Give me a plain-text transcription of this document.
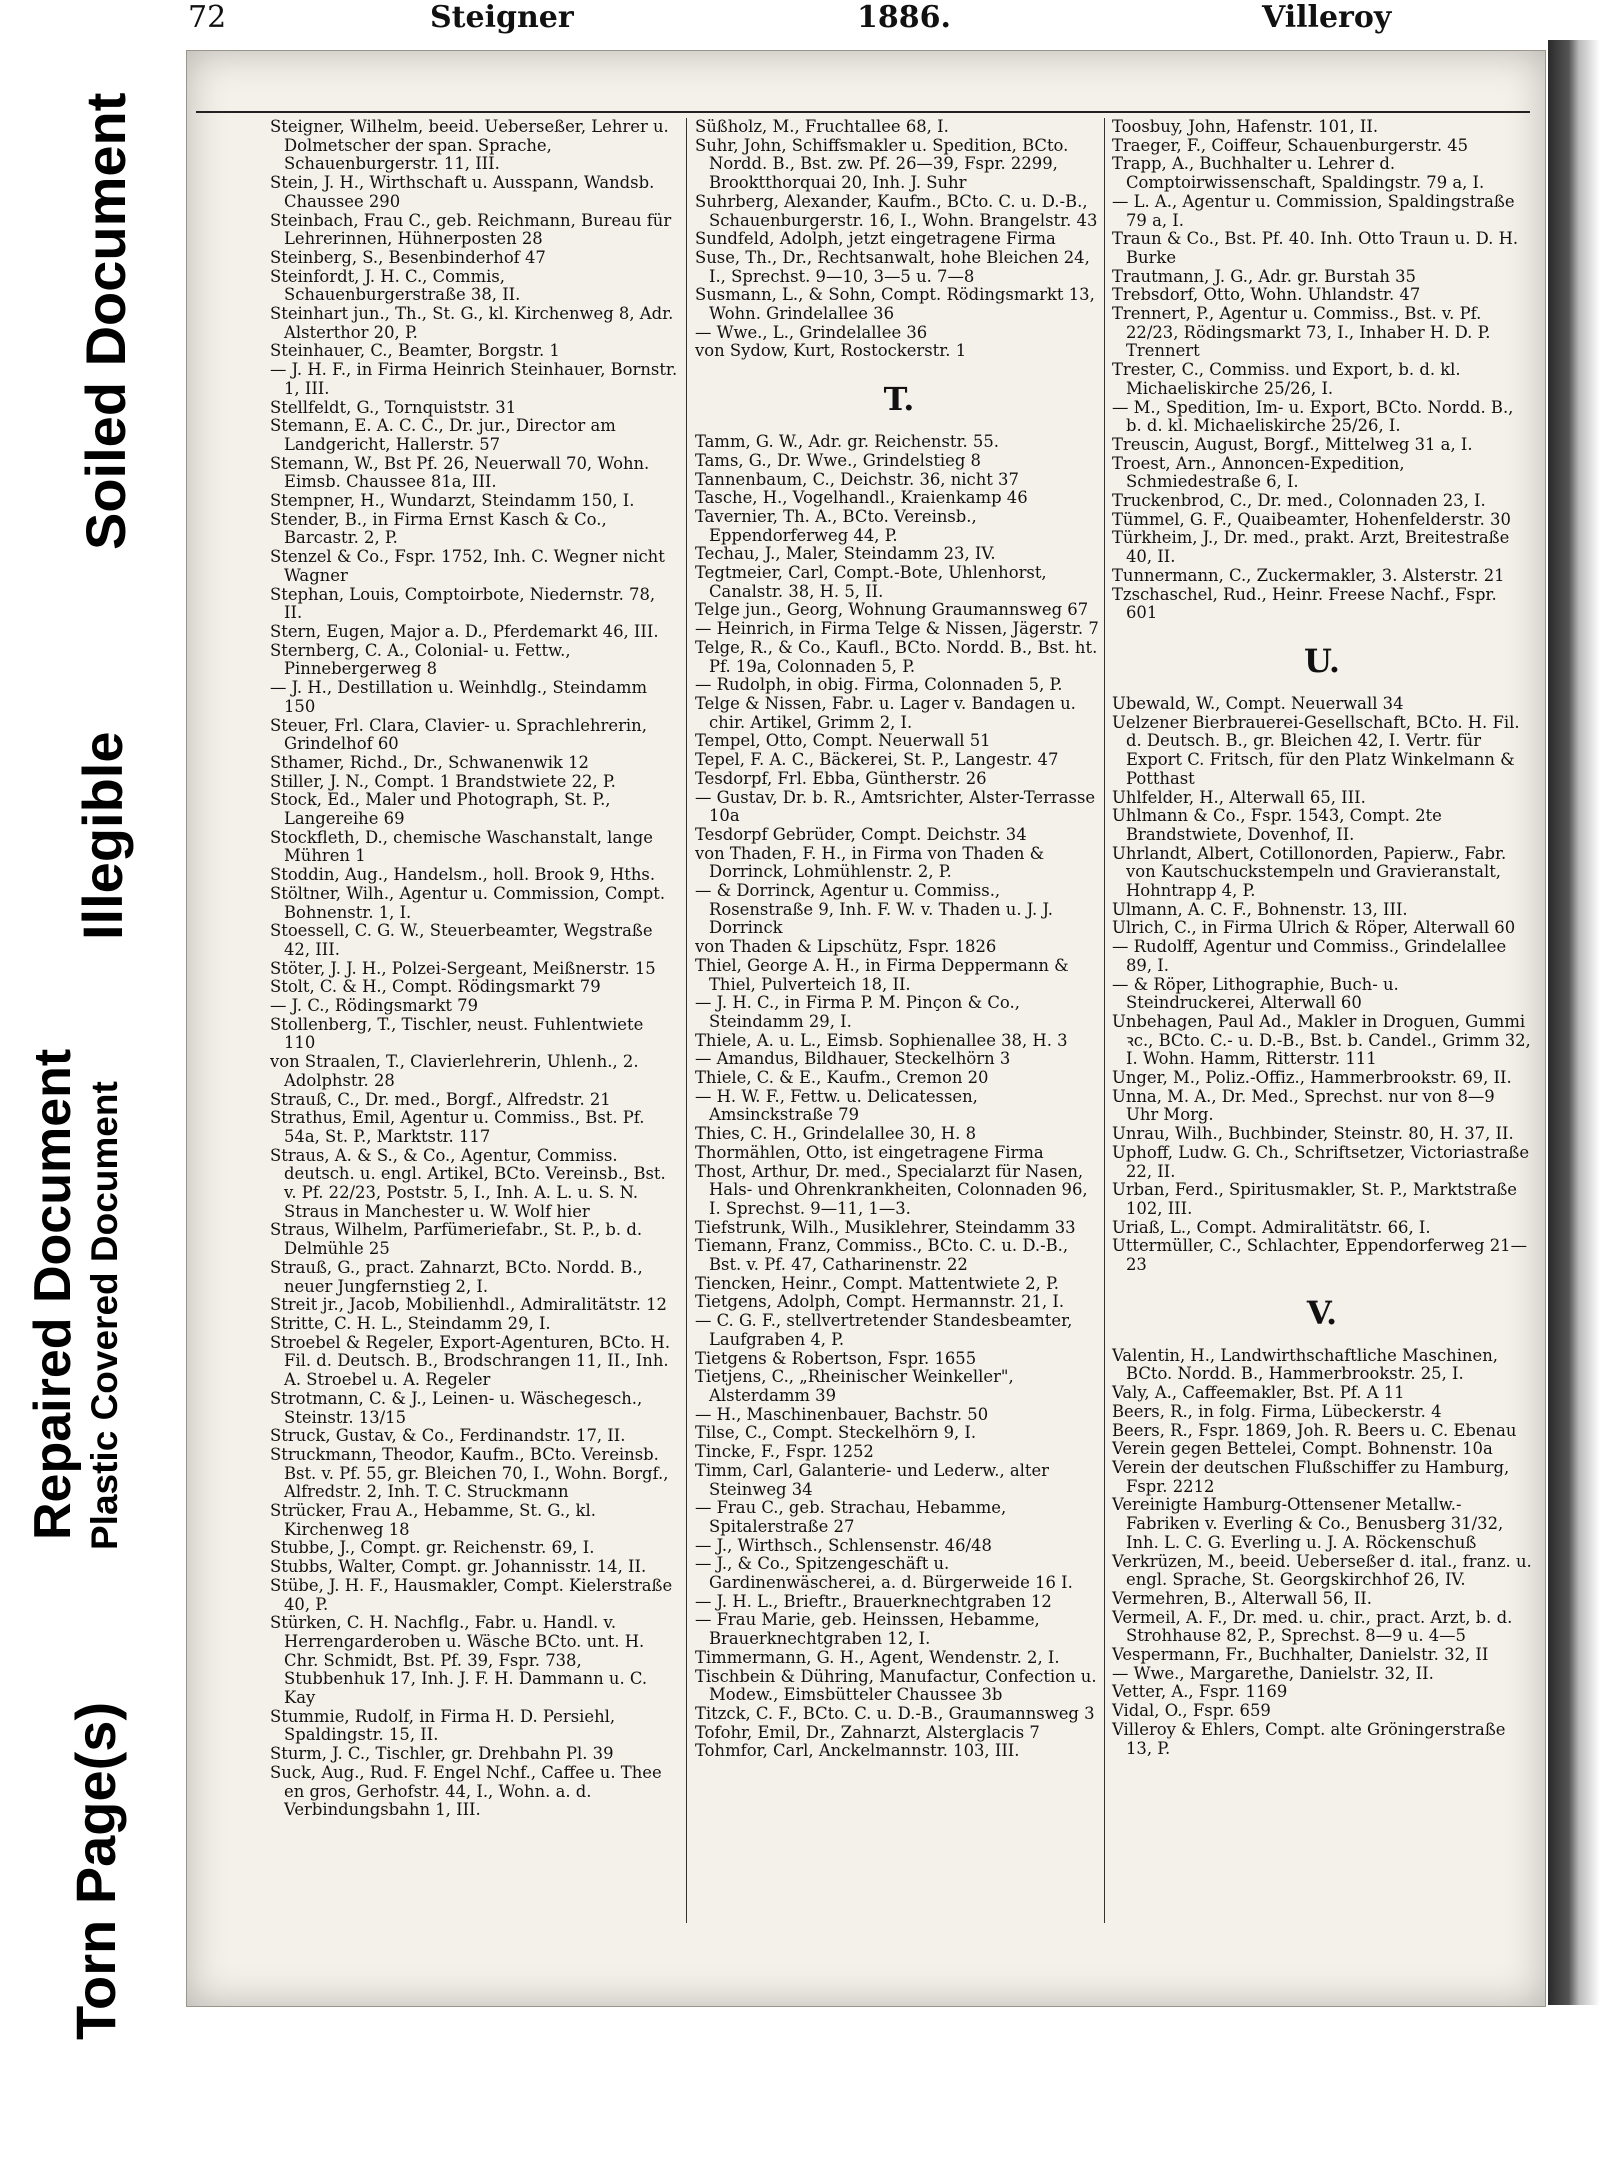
72	Steigner	1886.	Villeroy
Steigner, Wilhelm, beeid. Ueberseßer, Lehrer u. Dolmetscher der span. Sprache, Schauenburgerstr. 11, III.
Stein, J. H., Wirthschaft u. Ausspann, Wandsb. Chaussee 290
Steinbach, Frau C., geb. Reichmann, Bureau für Lehrerinnen, Hühnerposten 28
Steinberg, S., Besenbinderhof 47
Steinfordt, J. H. C., Commis, Schauenburgerstraße 38, II.
Steinhart jun., Th., St. G., kl. Kirchenweg 8, Adr. Alsterthor 20, P.
Steinhauer, C., Beamter, Borgstr. 1
— J. H. F., in Firma Heinrich Steinhauer, Bornstr. 1, III.
Stellfeldt, G., Tornquiststr. 31
Stemann, E. A. C. C., Dr. jur., Director am Landgericht, Hallerstr. 57
Stemann, W., Bst Pf. 26, Neuerwall 70, Wohn. Eimsb. Chaussee 81a, III.
Stempner, H., Wundarzt, Steindamm 150, I.
Stender, B., in Firma Ernst Kasch & Co., Barcastr. 2, P.
Stenzel & Co., Fspr. 1752, Inh. C. Wegner nicht Wagner
Stephan, Louis, Comptoirbote, Niedernstr. 78, II.
Stern, Eugen, Major a. D., Pferdemarkt 46, III.
Sternberg, C. A., Colonial- u. Fettw., Pinnebergerweg 8
— J. H., Destillation u. Weinhdlg., Steindamm 150
Steuer, Frl. Clara, Clavier- u. Sprachlehrerin, Grindelhof 60
Sthamer, Richd., Dr., Schwanenwik 12
Stiller, J. N., Compt. 1 Brandstwiete 22, P.
Stock, Ed., Maler und Photograph, St. P., Langereihe 69
Stockfleth, D., chemische Waschanstalt, lange Mühren 1
Stoddin, Aug., Handelsm., holl. Brook 9, Hths.
Stöltner, Wilh., Agentur u. Commission, Compt. Bohnenstr. 1, I.
Stoessell, C. G. W., Steuerbeamter, Wegstraße 42, III.
Stöter, J. J. H., Polzei-Sergeant, Meißnerstr. 15
Stolt, C. & H., Compt. Rödingsmarkt 79
— J. C., Rödingsmarkt 79
Stollenberg, T., Tischler, neust. Fuhlentwiete 110
von Straalen, T., Clavierlehrerin, Uhlenh., 2. Adolphstr. 28
Strauß, C., Dr. med., Borgf., Alfredstr. 21
Strathus, Emil, Agentur u. Commiss., Bst. Pf. 54a, St. P., Marktstr. 117
Straus, A. & S., & Co., Agentur, Commiss. deutsch. u. engl. Artikel, BCto. Vereinsb., Bst. v. Pf. 22/23, Poststr. 5, I., Inh. A. L. u. S. N. Straus in Manchester u. W. Wolf hier
Straus, Wilhelm, Parfümeriefabr., St. P., b. d. Delmühle 25
Strauß, G., pract. Zahnarzt, BCto. Nordd. B., neuer Jungfernstieg 2, I.
Streit jr., Jacob, Mobilienhdl., Admiralitätstr. 12
Stritte, C. H. L., Steindamm 29, I.
Stroebel & Regeler, Export-Agenturen, BCto. H. Fil. d. Deutsch. B., Brodschrangen 11, II., Inh. A. Stroebel u. A. Regeler
Strotmann, C. & J., Leinen- u. Wäschegesch., Steinstr. 13/15
Struck, Gustav, & Co., Ferdinandstr. 17, II.
Struckmann, Theodor, Kaufm., BCto. Vereinsb. Bst. v. Pf. 55, gr. Bleichen 70, I., Wohn. Borgf., Alfredstr. 2, Inh. T. C. Struckmann
Strücker, Frau A., Hebamme, St. G., kl. Kirchenweg 18
Stubbe, J., Compt. gr. Reichenstr. 69, I.
Stubbs, Walter, Compt. gr. Johannisstr. 14, II.
Stübe, J. H. F., Hausmakler, Compt. Kielerstraße 40, P.
Stürken, C. H. Nachflg., Fabr. u. Handl. v. Herrengarderoben u. Wäsche BCto. unt. H. Chr. Schmidt, Bst. Pf. 39, Fspr. 738, Stubbenhuk 17, Inh. J. F. H. Dammann u. C. Kay
Stummie, Rudolf, in Firma H. D. Persiehl, Spaldingstr. 15, II.
Sturm, J. C., Tischler, gr. Drehbahn Pl. 39
Suck, Aug., Rud. F. Engel Nchf., Caffee u. Thee en gros, Gerhofstr. 44, I., Wohn. a. d. Verbindungsbahn 1, III.
Süßholz, M., Fruchtallee 68, I.
Suhr, John, Schiffsmakler u. Spedition, BCto. Nordd. B., Bst. zw. Pf. 26—39, Fspr. 2299, Brooktthorquai 20, Inh. J. Suhr
Suhrberg, Alexander, Kaufm., BCto. C. u. D.-B., Schauenburgerstr. 16, I., Wohn. Brangelstr. 43
Sundfeld, Adolph, jetzt eingetragene Firma
Suse, Th., Dr., Rechtsanwalt, hohe Bleichen 24, I., Sprechst. 9—10, 3—5 u. 7—8
Susmann, L., & Sohn, Compt. Rödingsmarkt 13, Wohn. Grindelallee 36
— Wwe., L., Grindelallee 36
von Sydow, Kurt, Rostockerstr. 1
T.
Tamm, G. W., Adr. gr. Reichenstr. 55.
Tams, G., Dr. Wwe., Grindelstieg 8
Tannenbaum, C., Deichstr. 36, nicht 37
Tasche, H., Vogelhandl., Kraienkamp 46
Tavernier, Th. A., BCto. Vereinsb., Eppendorferweg 44, P.
Techau, J., Maler, Steindamm 23, IV.
Tegtmeier, Carl, Compt.-Bote, Uhlenhorst, Canalstr. 38, H. 5, II.
Telge jun., Georg, Wohnung Graumannsweg 67
— Heinrich, in Firma Telge & Nissen, Jägerstr. 7
Telge, R., & Co., Kaufl., BCto. Nordd. B., Bst. ht. Pf. 19a, Colonnaden 5, P.
— Rudolph, in obig. Firma, Colonnaden 5, P.
Telge & Nissen, Fabr. u. Lager v. Bandagen u. chir. Artikel, Grimm 2, I.
Tempel, Otto, Compt. Neuerwall 51
Tepel, F. A. C., Bäckerei, St. P., Langestr. 47
Tesdorpf, Frl. Ebba, Güntherstr. 26
— Gustav, Dr. b. R., Amtsrichter, Alster-Terrasse 10a
Tesdorpf Gebrüder, Compt. Deichstr. 34
von Thaden, F. H., in Firma von Thaden & Dorrinck, Lohmühlenstr. 2, P.
— & Dorrinck, Agentur u. Commiss., Rosenstraße 9, Inh. F. W. v. Thaden u. J. J. Dorrinck
von Thaden & Lipschütz, Fspr. 1826
Thiel, George A. H., in Firma Deppermann & Thiel, Pulverteich 18, II.
— J. H. C., in Firma P. M. Pinçon & Co., Steindamm 29, I.
Thiele, A. u. L., Eimsb. Sophienallee 38, H. 3
— Amandus, Bildhauer, Steckelhörn 3
Thiele, C. & E., Kaufm., Cremon 20
— H. W. F., Fettw. u. Delicatessen, Amsinckstraße 79
Thies, C. H., Grindelallee 30, H. 8
Thormählen, Otto, ist eingetragene Firma
Thost, Arthur, Dr. med., Specialarzt für Nasen, Hals- und Ohrenkrankheiten, Colonnaden 96, I. Sprechst. 9—11, 1—3.
Tiefstrunk, Wilh., Musiklehrer, Steindamm 33
Tiemann, Franz, Commiss., BCto. C. u. D.-B., Bst. v. Pf. 47, Catharinenstr. 22
Tiencken, Heinr., Compt. Mattentwiete 2, P.
Tietgens, Adolph, Compt. Hermannstr. 21, I.
— C. G. F., stellvertretender Standesbeamter, Laufgraben 4, P.
Tietgens & Robertson, Fspr. 1655
Tietjens, C., „Rheinischer Weinkeller", Alsterdamm 39
— H., Maschinenbauer, Bachstr. 50
Tilse, C., Compt. Steckelhörn 9, I.
Tincke, F., Fspr. 1252
Timm, Carl, Galanterie- und Lederw., alter Steinweg 34
— Frau C., geb. Strachau, Hebamme, Spitalerstraße 27
— J., Wirthsch., Schlensenstr. 46/48
— J., & Co., Spitzengeschäft u. Gardinenwäscherei, a. d. Bürgerweide 16 I.
— J. H. L., Brieftr., Brauerknechtgraben 12
— Frau Marie, geb. Heinssen, Hebamme, Brauerknechtgraben 12, I.
Timmermann, G. H., Agent, Wendenstr. 2, I.
Tischbein & Dühring, Manufactur, Confection u. Modew., Eimsbütteler Chaussee 3b
Titzck, C. F., BCto. C. u. D.-B., Graumannsweg 3
Tofohr, Emil, Dr., Zahnarzt, Alsterglacis 7
Tohmfor, Carl, Anckelmannstr. 103, III.
Toosbuy, John, Hafenstr. 101, II.
Traeger, F., Coiffeur, Schauenburgerstr. 45
Trapp, A., Buchhalter u. Lehrer d. Comptoirwissenschaft, Spaldingstr. 79 a, I.
— L. A., Agentur u. Commission, Spaldingstraße 79 a, I.
Traun & Co., Bst. Pf. 40. Inh. Otto Traun u. D. H. Burke
Trautmann, J. G., Adr. gr. Burstah 35
Trebsdorf, Otto, Wohn. Uhlandstr. 47
Trennert, P., Agentur u. Commiss., Bst. v. Pf. 22/23, Rödingsmarkt 73, I., Inhaber H. D. P. Trennert
Trester, C., Commiss. und Export, b. d. kl. Michaeliskirche 25/26, I.
— M., Spedition, Im- u. Export, BCto. Nordd. B., b. d. kl. Michaeliskirche 25/26, I.
Treuscin, August, Borgf., Mittelweg 31 a, I.
Troest, Arn., Annoncen-Expedition, Schmiedestraße 6, I.
Truckenbrod, C., Dr. med., Colonnaden 23, I.
Tümmel, G. F., Quaibeamter, Hohenfelderstr. 30
Türkheim, J., Dr. med., prakt. Arzt, Breitestraße 40, II.
Tunnermann, C., Zuckermakler, 3. Alsterstr. 21
Tzschaschel, Rud., Heinr. Freese Nachf., Fspr. 601
U.
Ubewald, W., Compt. Neuerwall 34
Uelzener Bierbrauerei-Gesellschaft, BCto. H. Fil. d. Deutsch. B., gr. Bleichen 42, I. Vertr. für Export C. Fritsch, für den Platz Winkelmann & Potthast
Uhlfelder, H., Alterwall 65, III.
Uhlmann & Co., Fspr. 1543, Compt. 2te Brandstwiete, Dovenhof, II.
Uhrlandt, Albert, Cotillonorden, Papierw., Fabr. von Kautschuckstempeln und Gravieranstalt, Hohntrapp 4, P.
Ulmann, A. C. F., Bohnenstr. 13, III.
Ulrich, C., in Firma Ulrich & Röper, Alterwall 60
— Rudolff, Agentur und Commiss., Grindelallee 89, I.
— & Röper, Lithographie, Buch- u. Steindruckerei, Alterwall 60
Unbehagen, Paul Ad., Makler in Droguen, Gummi ꝛc., BCto. C.- u. D.-B., Bst. b. Candel., Grimm 32, I. Wohn. Hamm, Ritterstr. 111
Unger, M., Poliz.-Offiz., Hammerbrookstr. 69, II.
Unna, M. A., Dr. Med., Sprechst. nur von 8—9 Uhr Morg.
Unrau, Wilh., Buchbinder, Steinstr. 80, H. 37, II.
Uphoff, Ludw. G. Ch., Schriftsetzer, Victoriastraße 22, II.
Urban, Ferd., Spiritusmakler, St. P., Marktstraße 102, III.
Uriaß, L., Compt. Admiralitätstr. 66, I.
Uttermüller, C., Schlachter, Eppendorferweg 21—23
V.
Valentin, H., Landwirthschaftliche Maschinen, BCto. Nordd. B., Hammerbrookstr. 25, I.
Valy, A., Caffeemakler, Bst. Pf. A 11
Beers, R., in folg. Firma, Lübeckerstr. 4
Beers, R., Fspr. 1869, Joh. R. Beers u. C. Ebenau
Verein gegen Bettelei, Compt. Bohnenstr. 10a
Verein der deutschen Flußschiffer zu Hamburg, Fspr. 2212
Vereinigte Hamburg-Ottensener Metallw.-Fabriken v. Everling & Co., Benusberg 31/32, Inh. L. C. G. Everling u. J. A. Röckenschuß
Verkrüzen, M., beeid. Ueberseßer d. ital., franz. u. engl. Sprache, St. Georgskirchhof 26, IV.
Vermehren, B., Alterwall 56, II.
Vermeil, A. F., Dr. med. u. chir., pract. Arzt, b. d. Strohhause 82, P., Sprechst. 8—9 u. 4—5
Vespermann, Fr., Buchhalter, Danielstr. 32, II
— Wwe., Margarethe, Danielstr. 32, II.
Vetter, A., Fspr. 1169
Vidal, O., Fspr. 659
Villeroy & Ehlers, Compt. alte Gröningerstraße 13, P.
Soiled Document
Illegible
Repaired Document Plastic Covered Document
Torn Page(s)
